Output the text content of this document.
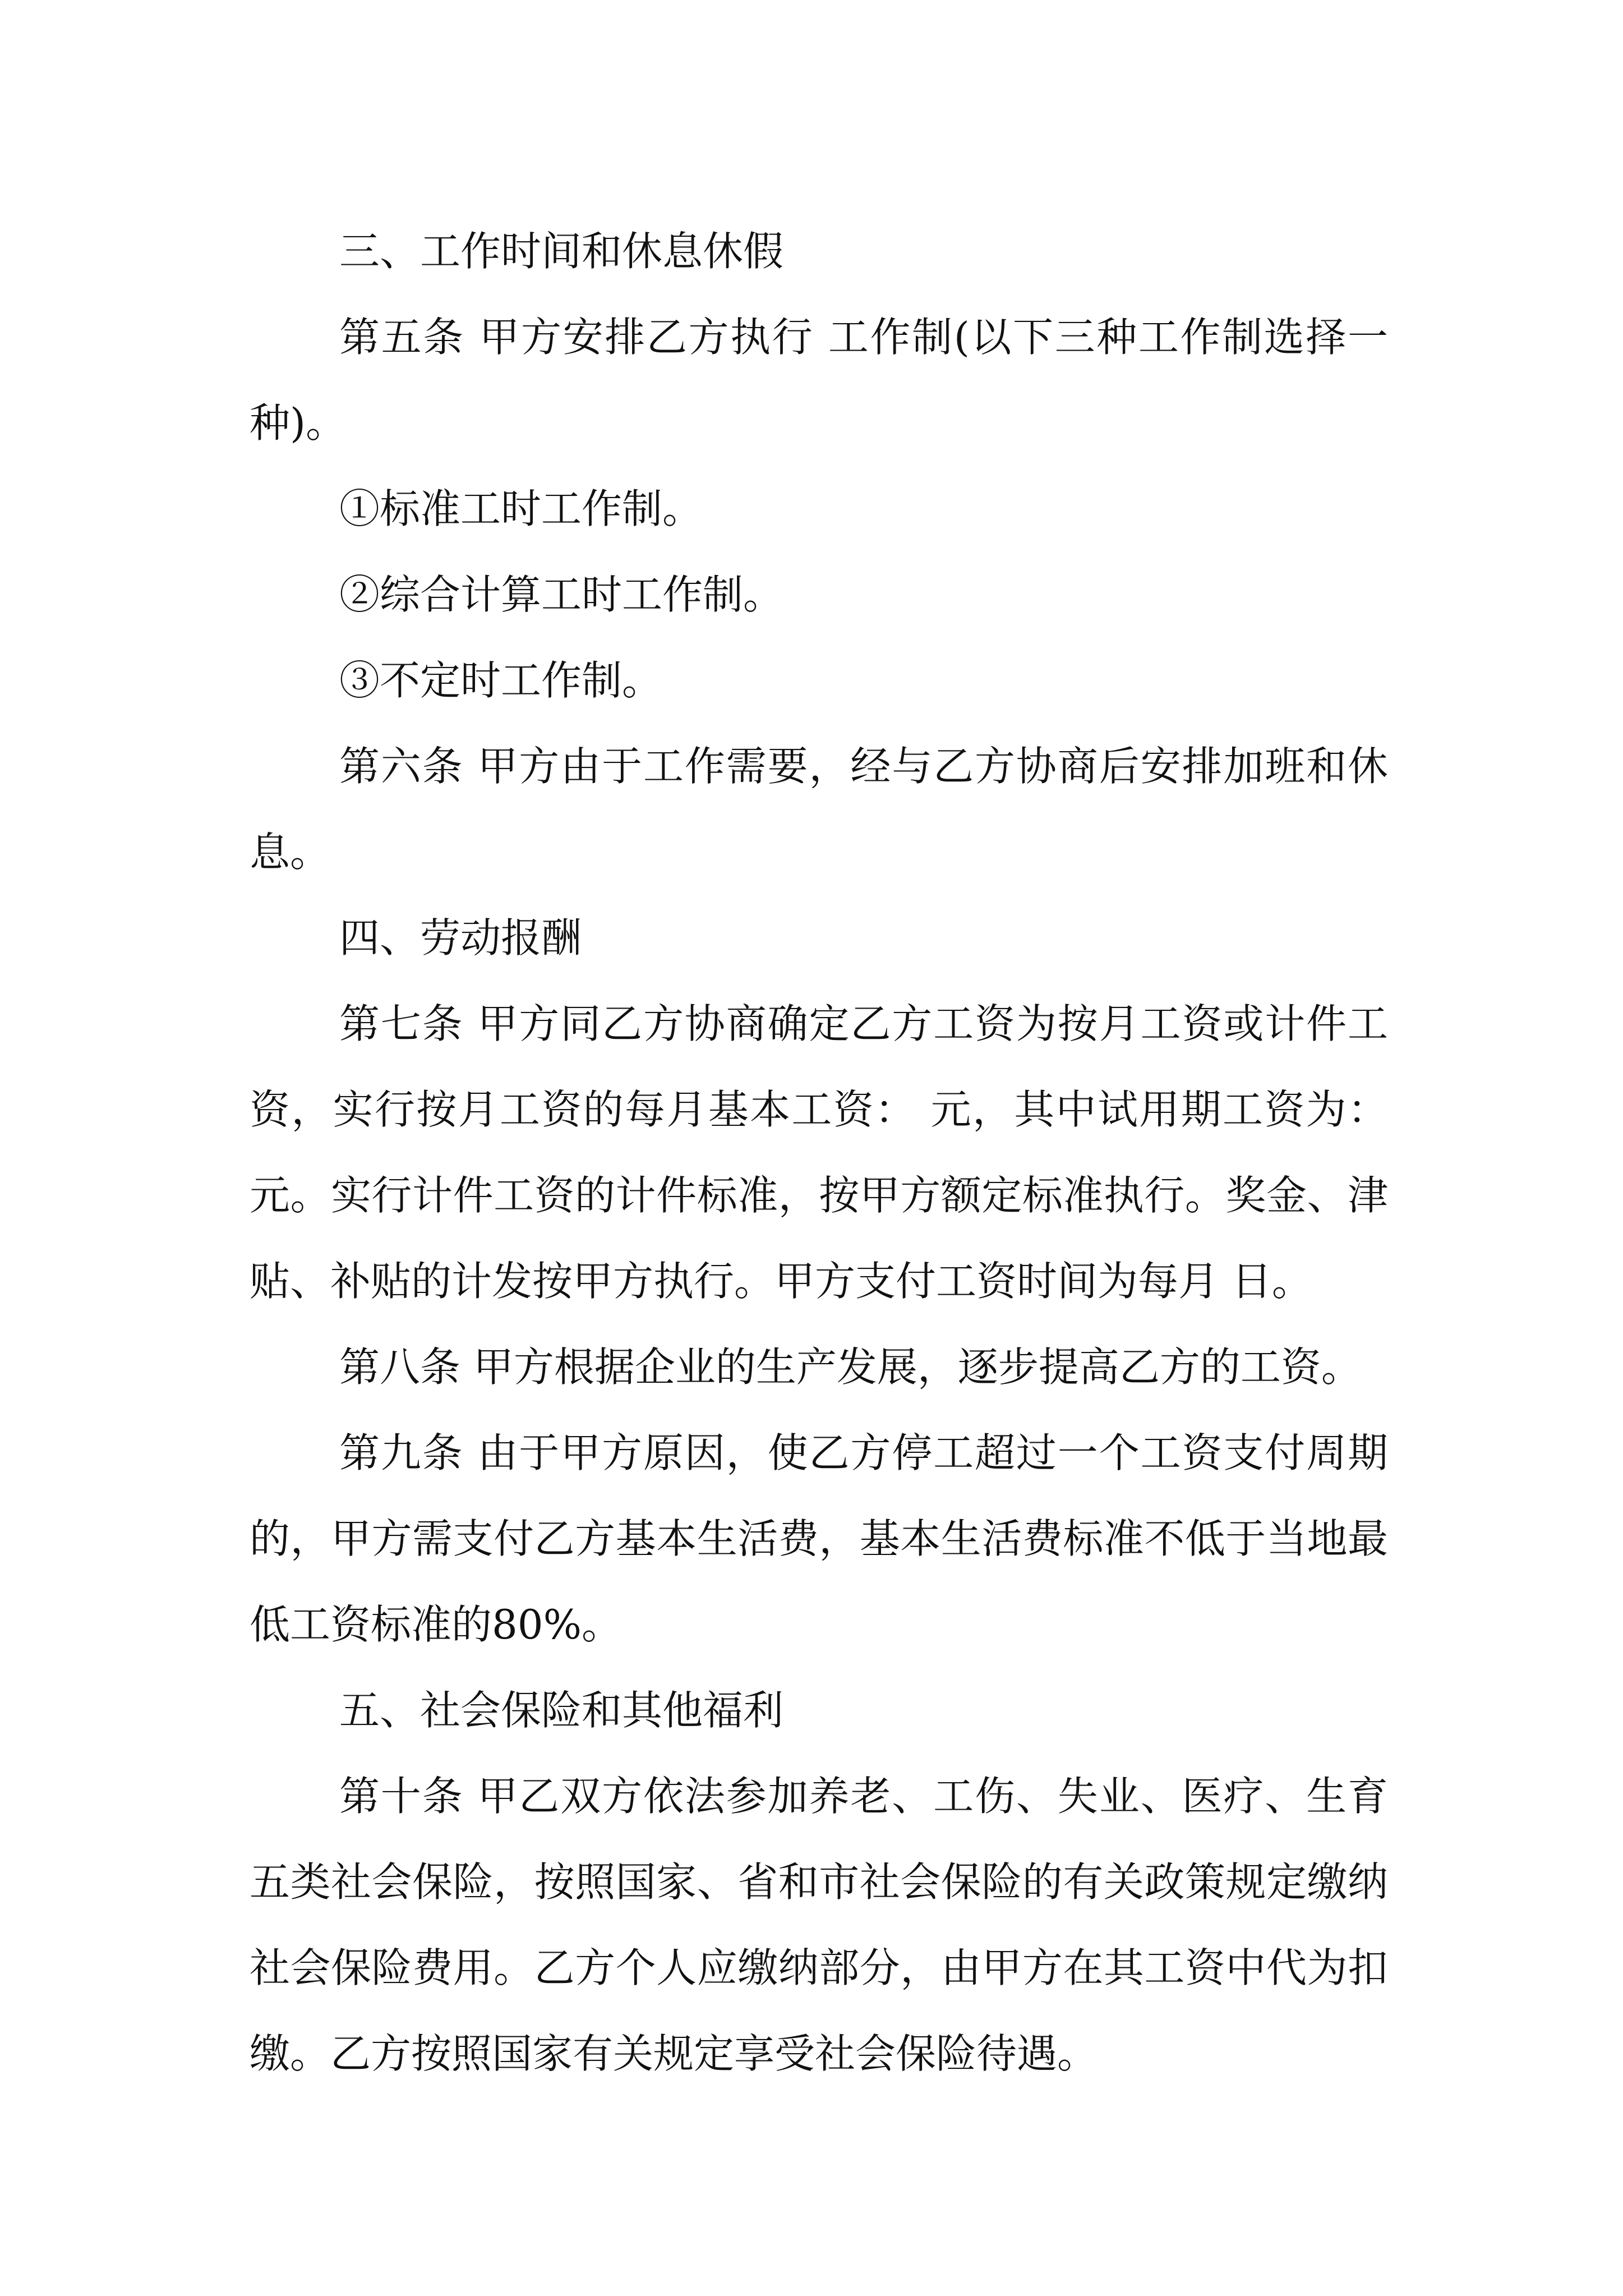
三、工作时间和休息休假

第五条 甲方安排乙方执行 工作制(以下三种工作制选择一种)。

①标准工时工作制。

②综合计算工时工作制。

③不定时工作制。

第六条 甲方由于工作需要，经与乙方协商后安排加班和休息。

四、劳动报酬

第七条 甲方同乙方协商确定乙方工资为按月工资或计件工资，实行按月工资的每月基本工资： 元，其中试用期工资为： 元。实行计件工资的计件标准，按甲方额定标准执行。奖金、津贴、补贴的计发按甲方执行。甲方支付工资时间为每月 日。

第八条 甲方根据企业的生产发展，逐步提高乙方的工资。

第九条 由于甲方原因，使乙方停工超过一个工资支付周期的，甲方需支付乙方基本生活费，基本生活费标准不低于当地最低工资标准的80%。

五、社会保险和其他福利

第十条 甲乙双方依法参加养老、工伤、失业、医疗、生育五类社会保险，按照国家、省和市社会保险的有关政策规定缴纳社会保险费用。乙方个人应缴纳部分，由甲方在其工资中代为扣缴。乙方按照国家有关规定享受社会保险待遇。
